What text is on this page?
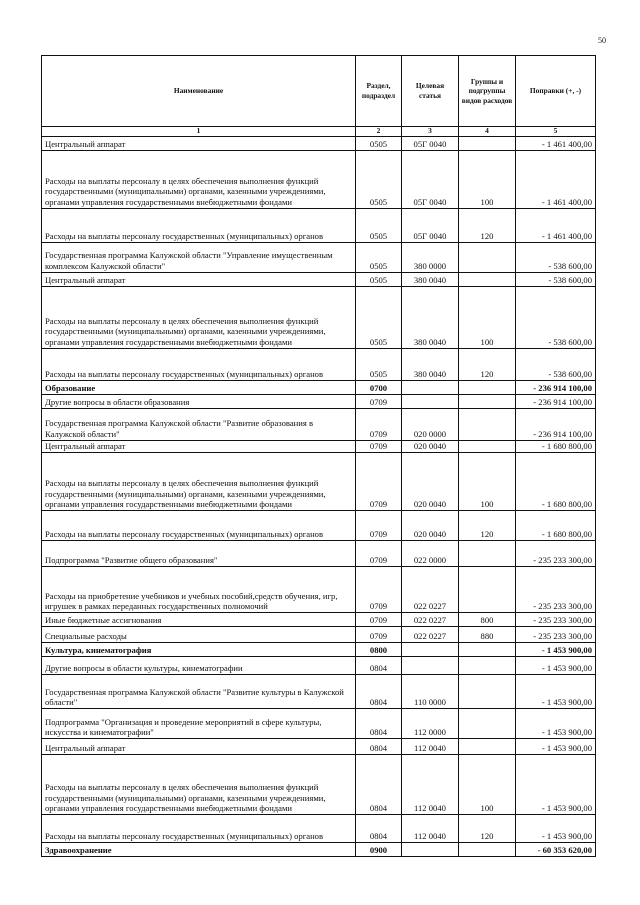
50
Наименование	Раздел, подраздел	Целевая статья	Группы и подгруппы видов расходов	Поправки (+, -)
1	2	3	4	5
Центральный аппарат	0505	05Г 0040		- 1 461 400,00
Расходы на выплаты персоналу в целях обеспечения выполнения функций государственными (муниципальными) органами, казенными учреждениями, органами управления государственными внебюджетными фондами	0505	05Г 0040	100	- 1 461 400,00
Расходы на выплаты персоналу государственных (муниципальных) органов	0505	05Г 0040	120	- 1 461 400,00
Государственная программа Калужской области "Управление имущественным комплексом Калужской области"	0505	380 0000		- 538 600,00
Центральный аппарат	0505	380 0040		- 538 600,00
Расходы на выплаты персоналу в целях обеспечения выполнения функций государственными (муниципальными) органами, казенными учреждениями, органами управления государственными внебюджетными фондами	0505	380 0040	100	- 538 600,00
Расходы на выплаты персоналу государственных (муниципальных) органов	0505	380 0040	120	- 538 600,00
Образование	0700			- 236 914 100,00
Другие вопросы в области образования	0709			- 236 914 100,00
Государственная программа Калужской области "Развитие образования в Калужской области"	0709	020 0000		- 236 914 100,00
Центральный аппарат	0709	020 0040		- 1 680 800,00
Расходы на выплаты персоналу в целях обеспечения выполнения функций государственными (муниципальными) органами, казенными учреждениями, органами управления государственными внебюджетными фондами	0709	020 0040	100	- 1 680 800,00
Расходы на выплаты персоналу государственных (муниципальных) органов	0709	020 0040	120	- 1 680 800,00
Подпрограмма "Развитие общего образования"	0709	022 0000		- 235 233 300,00
Расходы на приобретение учебников и учебных пособий,средств обучения, игр, игрушек в рамках переданных государственных полномочий	0709	022 0227		- 235 233 300,00
Иные бюджетные ассигнования	0709	022 0227	800	- 235 233 300,00
Специальные расходы	0709	022 0227	880	- 235 233 300,00
Культура, кинематография	0800			- 1 453 900,00
Другие вопросы в области культуры, кинематографии	0804			- 1 453 900,00
Государственная программа Калужской области "Развитие культуры в Калужской области"	0804	110 0000		- 1 453 900,00
Подпрограмма "Организация и проведение мероприятий в сфере культуры, искусства и кинематографии"	0804	112 0000		- 1 453 900,00
Центральный аппарат	0804	112 0040		- 1 453 900,00
Расходы на выплаты персоналу в целях обеспечения выполнения функций государственными (муниципальными) органами, казенными учреждениями, органами управления государственными внебюджетными фондами	0804	112 0040	100	- 1 453 900,00
Расходы на выплаты персоналу государственных (муниципальных) органов	0804	112 0040	120	- 1 453 900,00
Здравоохранение	0900			- 60 353 620,00
